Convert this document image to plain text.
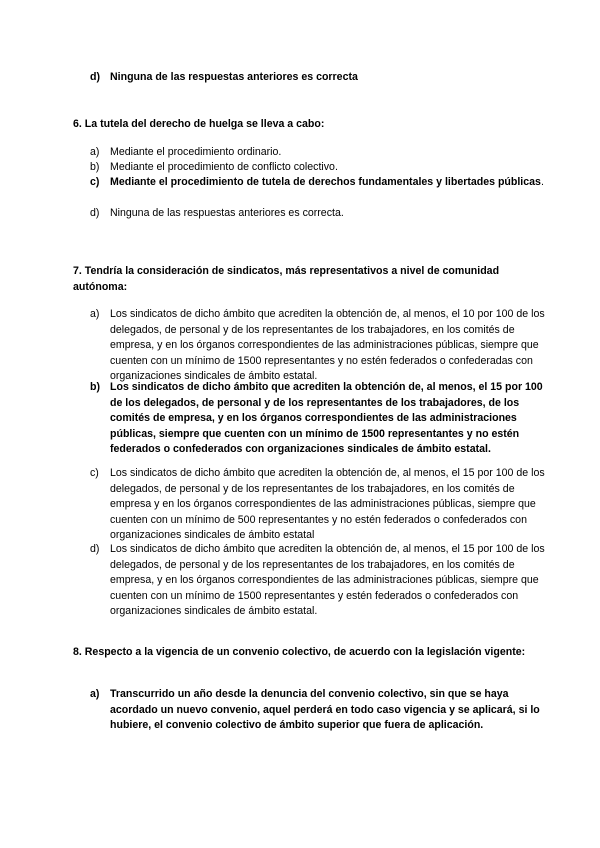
d) Ninguna de las respuestas anteriores es correcta
6. La tutela del derecho de huelga se lleva a cabo:
a) Mediante el procedimiento ordinario.
b) Mediante el procedimiento de conflicto colectivo.
c) Mediante el procedimiento de tutela de derechos fundamentales y libertades públicas.
d) Ninguna de las respuestas anteriores es correcta.
7. Tendría la consideración de sindicatos, más representativos a nivel de comunidad autónoma:
a) Los sindicatos de dicho ámbito que acrediten la obtención de, al menos, el 10 por 100 de los delegados, de personal y de los representantes de los trabajadores, en los comités de empresa, y en los órganos correspondientes de las administraciones públicas, siempre que cuenten con un mínimo de 1500 representantes y no estén federados o confederadas con organizaciones sindicales de ámbito estatal.
b) Los sindicatos de dicho ámbito que acrediten la obtención de, al menos, el 15 por 100 de los delegados, de personal y de los representantes de los trabajadores, de los comités de empresa, y en los órganos correspondientes de las administraciones públicas, siempre que cuenten con un mínimo de 1500 representantes y no estén federados o confederados con organizaciones sindicales de ámbito estatal.
c)	Los sindicatos de dicho ámbito que acrediten la obtención de, al menos, el 15 por 100 de los delegados, de personal y de los representantes de los trabajadores, en los comités de empresa y en los órganos correspondientes de las administraciones públicas, siempre que cuenten con un mínimo de 500 representantes y no estén federados o confederados con organizaciones sindicales de ámbito estatal
d) Los sindicatos de dicho ámbito que acrediten la obtención de, al menos, el 15 por 100 de los delegados, de personal y de los representantes de los trabajadores, en los comités de empresa, y en los órganos correspondientes de las administraciones públicas, siempre que cuenten con un mínimo de 1500 representantes y estén federados o confederados con organizaciones sindicales de ámbito estatal.
8. Respecto a la vigencia de un convenio colectivo, de acuerdo con la legislación vigente:
a) Transcurrido un año desde la denuncia del convenio colectivo, sin que se haya acordado un nuevo convenio, aquel perderá en todo caso vigencia y se aplicará, si lo hubiere, el convenio colectivo de ámbito superior que fuera de aplicación.
